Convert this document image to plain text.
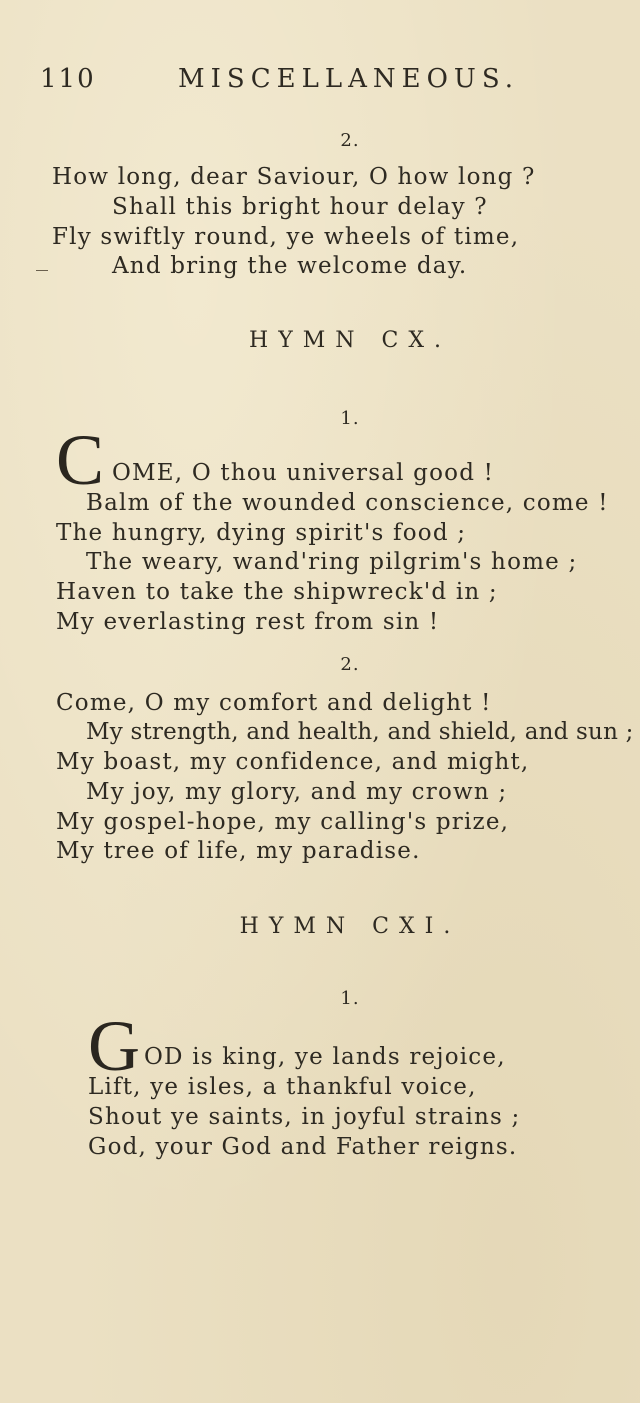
110	MISCELLANEOUS.
2.
How long, dear Saviour, O how long ?
Shall this bright hour delay ?
Fly swiftly round, ye wheels of time,
And bring the welcome day.
HYMN CX.
1.
C OME, O thou universal good !
Balm of the wounded conscience, come !
The hungry, dying spirit's food ;
The weary, wand'ring pilgrim's home ;
Haven to take the shipwreck'd in ;
My everlasting rest from sin !
2.
Come, O my comfort and delight !
My strength, and health, and shield, and sun ;
My boast, my confidence, and might,
My joy, my glory, and my crown ;
My gospel-hope, my calling's prize,
My tree of life, my paradise.
HYMN CXI.
1.
G OD is king, ye lands rejoice,
Lift, ye isles, a thankful voice,
Shout ye saints, in joyful strains ;
God, your God and Father reigns.
